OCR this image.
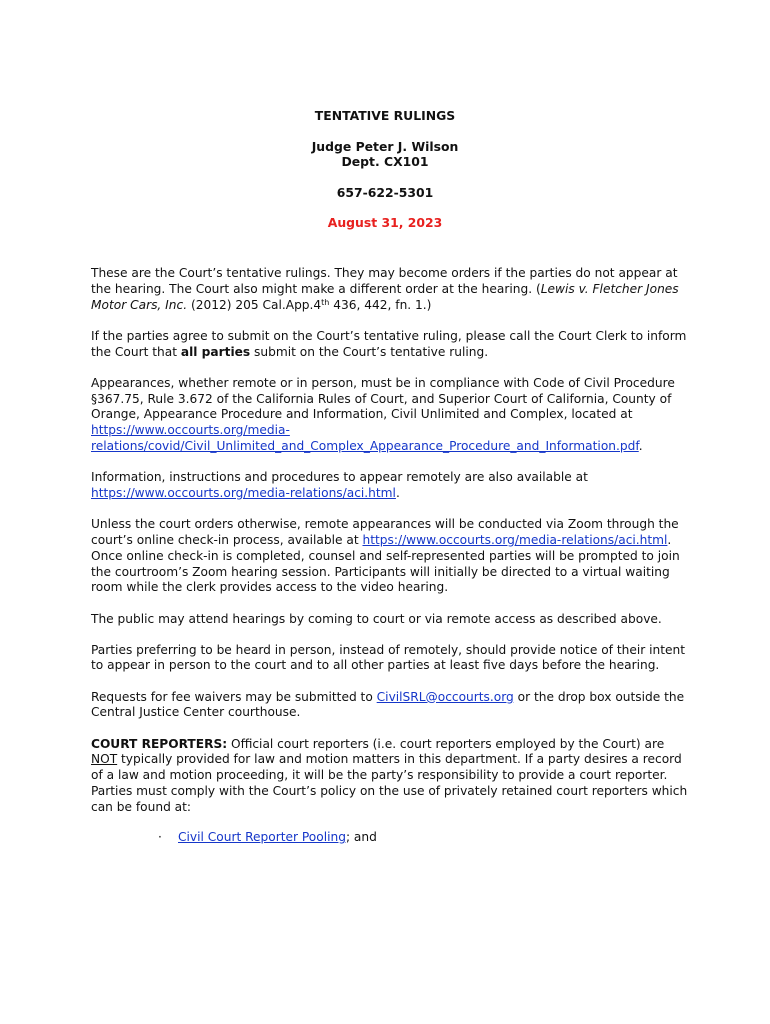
TENTATIVE RULINGS
Judge Peter J. Wilson
Dept. CX101
657-622-5301
August 31, 2023

These are the Court’s tentative rulings. They may become orders if the parties do not appear at the hearing. The Court also might make a different order at the hearing. (Lewis v. Fletcher Jones Motor Cars, Inc. (2012) 205 Cal.App.4th 436, 442, fn. 1.)

If the parties agree to submit on the Court’s tentative ruling, please call the Court Clerk to inform the Court that all parties submit on the Court’s tentative ruling.

Appearances, whether remote or in person, must be in compliance with Code of Civil Procedure §367.75, Rule 3.672 of the California Rules of Court, and Superior Court of California, County of Orange, Appearance Procedure and Information, Civil Unlimited and Complex, located at https://www.occourts.org/media-
relations/covid/Civil_Unlimited_and_Complex_Appearance_Procedure_and_Information.pdf.

Information, instructions and procedures to appear remotely are also available at https://www.occourts.org/media-relations/aci.html.

Unless the court orders otherwise, remote appearances will be conducted via Zoom through the court’s online check-in process, available at https://www.occourts.org/media-relations/aci.html. Once online check-in is completed, counsel and self-represented parties will be prompted to join the courtroom’s Zoom hearing session. Participants will initially be directed to a virtual waiting room while the clerk provides access to the video hearing.

The public may attend hearings by coming to court or via remote access as described above.

Parties preferring to be heard in person, instead of remotely, should provide notice of their intent to appear in person to the court and to all other parties at least five days before the hearing.

Requests for fee waivers may be submitted to CivilSRL@occourts.org or the drop box outside the Central Justice Center courthouse.

COURT REPORTERS: Official court reporters (i.e. court reporters employed by the Court) are NOT typically provided for law and motion matters in this department. If a party desires a record of a law and motion proceeding, it will be the party’s responsibility to provide a court reporter. Parties must comply with the Court’s policy on the use of privately retained court reporters which can be found at:

· Civil Court Reporter Pooling; and
